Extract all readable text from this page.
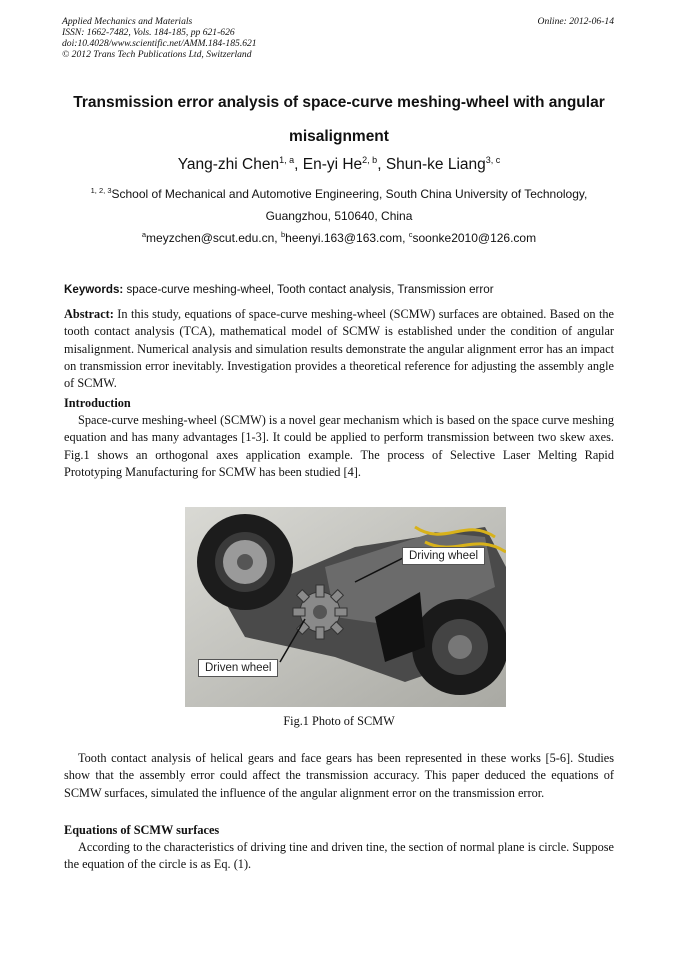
Applied Mechanics and Materials
ISSN: 1662-7482, Vols. 184-185, pp 621-626
doi:10.4028/www.scientific.net/AMM.184-185.621
© 2012 Trans Tech Publications Ltd, Switzerland
Online: 2012-06-14
Transmission error analysis of space-curve meshing-wheel with angular
misalignment
Yang-zhi Chen$^{1, a}$, En-yi He$^{2, b}$, Shun-ke Liang$^{3, c}$
$^{1, 2, 3}$School of Mechanical and Automotive Engineering, South China University of Technology,
Guangzhou, 510640, China
$^a$meyzchen@scut.edu.cn, $^b$heenyi.163@163.com, $^c$soonke2010@126.com
Keywords: space-curve meshing-wheel, Tooth contact analysis, Transmission error

Abstract: In this study, equations of space-curve meshing-wheel (SCMW) surfaces are obtained. Based on the tooth contact analysis (TCA), mathematical model of SCMW is established under the condition of angular misalignment. Numerical analysis and simulation results demonstrate the angular alignment error has an impact on transmission error inevitably. Investigation provides a theoretical reference for adjusting the assembly angle of SCMW.

Introduction

Space-curve meshing-wheel (SCMW) is a novel gear mechanism which is based on the space curve meshing equation and has many advantages [1-3]. It could be applied to perform transmission between two skew axes. Fig.1 shows an orthogonal axes application example. The process of Selective Laser Melting Rapid Prototyping Manufacturing for SCMW has been studied [4].

Driving wheel
Driven wheel
Fig.1 Photo of SCMW

Tooth contact analysis of helical gears and face gears has been represented in these works [5-6]. Studies show that the assembly error could affect the transmission accuracy. This paper deduced the equations of SCMW surfaces, simulated the influence of the angular alignment error on the transmission error.

Equations of SCMW surfaces

According to the characteristics of driving tine and driven tine, the section of normal plane is circle. Suppose the equation of the circle is as Eq. (1).
